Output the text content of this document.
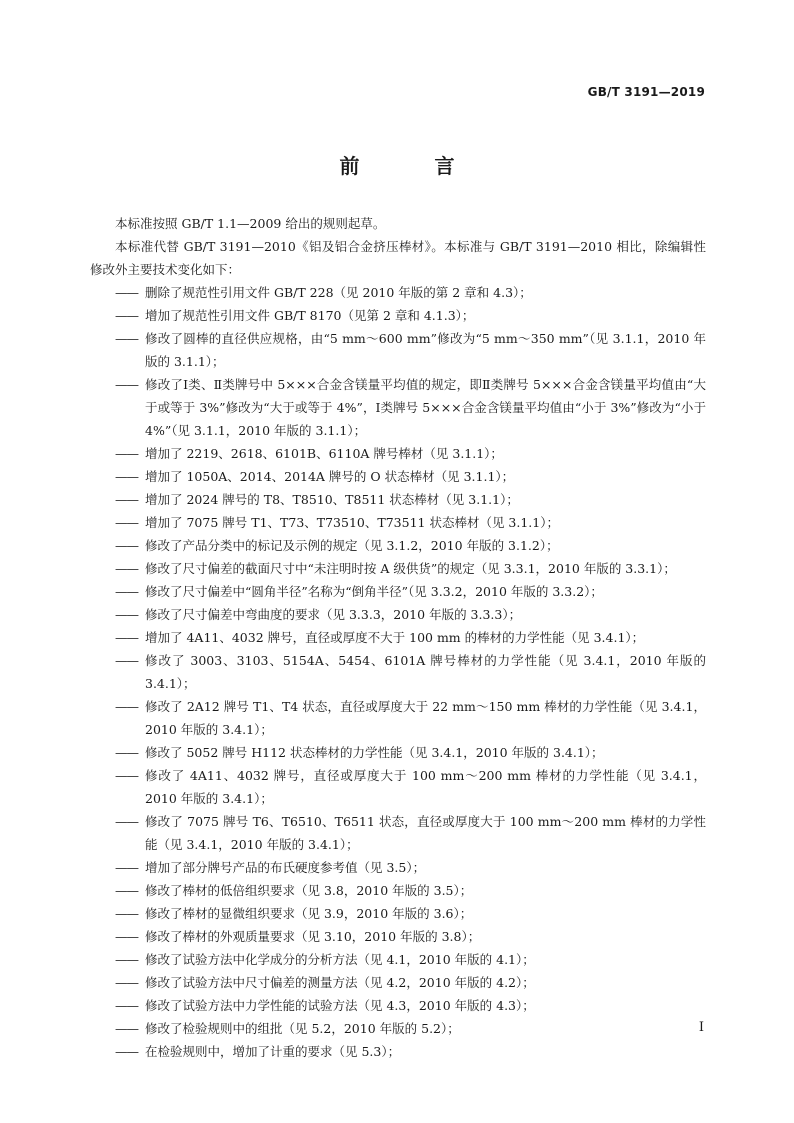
GB/T 3191—2019
前 言

本标准按照 GB/T 1.1—2009 给出的规则起草。

本标准代替 GB/T 3191—2010《铝及铝合金挤压棒材》。本标准与 GB/T 3191—2010 相比，除编辑性修改外主要技术变化如下：

—— 删除了规范性引用文件 GB/T 228（见 2010 年版的第 2 章和 4.3）；
—— 增加了规范性引用文件 GB/T 8170（见第 2 章和 4.1.3）；
—— 修改了圆棒的直径供应规格，由“5 mm～600 mm”修改为“5 mm～350 mm”（见 3.1.1，2010 年版的 3.1.1）；
—— 修改了Ⅰ类、Ⅱ类牌号中 5×××合金含镁量平均值的规定，即Ⅱ类牌号 5×××合金含镁量平均值由“大于或等于 3%”修改为“大于或等于 4%”，Ⅰ类牌号 5×××合金含镁量平均值由“小于 3%”修改为“小于 4%”（见 3.1.1，2010 年版的 3.1.1）；
—— 增加了 2219、2618、6101B、6110A 牌号棒材（见 3.1.1）；
—— 增加了 1050A、2014、2014A 牌号的 O 状态棒材（见 3.1.1）；
—— 增加了 2024 牌号的 T8、T8510、T8511 状态棒材（见 3.1.1）；
—— 增加了 7075 牌号 T1、T73、T73510、T73511 状态棒材（见 3.1.1）；
—— 修改了产品分类中的标记及示例的规定（见 3.1.2，2010 年版的 3.1.2）；
—— 修改了尺寸偏差的截面尺寸中“未注明时按 A 级供货”的规定（见 3.3.1，2010 年版的 3.3.1）；
—— 修改了尺寸偏差中“圆角半径”名称为“倒角半径”（见 3.3.2，2010 年版的 3.3.2）；
—— 修改了尺寸偏差中弯曲度的要求（见 3.3.3，2010 年版的 3.3.3）；
—— 增加了 4A11、4032 牌号，直径或厚度不大于 100 mm 的棒材的力学性能（见 3.4.1）；
—— 修改了 3003、3103、5154A、5454、6101A 牌号棒材的力学性能（见 3.4.1，2010 年版的 3.4.1）；
—— 修改了 2A12 牌号 T1、T4 状态，直径或厚度大于 22 mm～150 mm 棒材的力学性能（见 3.4.1，2010 年版的 3.4.1）；
—— 修改了 5052 牌号 H112 状态棒材的力学性能（见 3.4.1，2010 年版的 3.4.1）；
—— 修改了 4A11、4032 牌号，直径或厚度大于 100 mm～200 mm 棒材的力学性能（见 3.4.1，2010 年版的 3.4.1）；
—— 修改了 7075 牌号 T6、T6510、T6511 状态，直径或厚度大于 100 mm～200 mm 棒材的力学性能（见 3.4.1，2010 年版的 3.4.1）；
—— 增加了部分牌号产品的布氏硬度参考值（见 3.5）；
—— 修改了棒材的低倍组织要求（见 3.8，2010 年版的 3.5）；
—— 修改了棒材的显微组织要求（见 3.9，2010 年版的 3.6）；
—— 修改了棒材的外观质量要求（见 3.10，2010 年版的 3.8）；
—— 修改了试验方法中化学成分的分析方法（见 4.1，2010 年版的 4.1）；
—— 修改了试验方法中尺寸偏差的测量方法（见 4.2，2010 年版的 4.2）；
—— 修改了试验方法中力学性能的试验方法（见 4.3，2010 年版的 4.3）；
—— 修改了检验规则中的组批（见 5.2，2010 年版的 5.2）；
—— 在检验规则中，增加了计重的要求（见 5.3）；
I
